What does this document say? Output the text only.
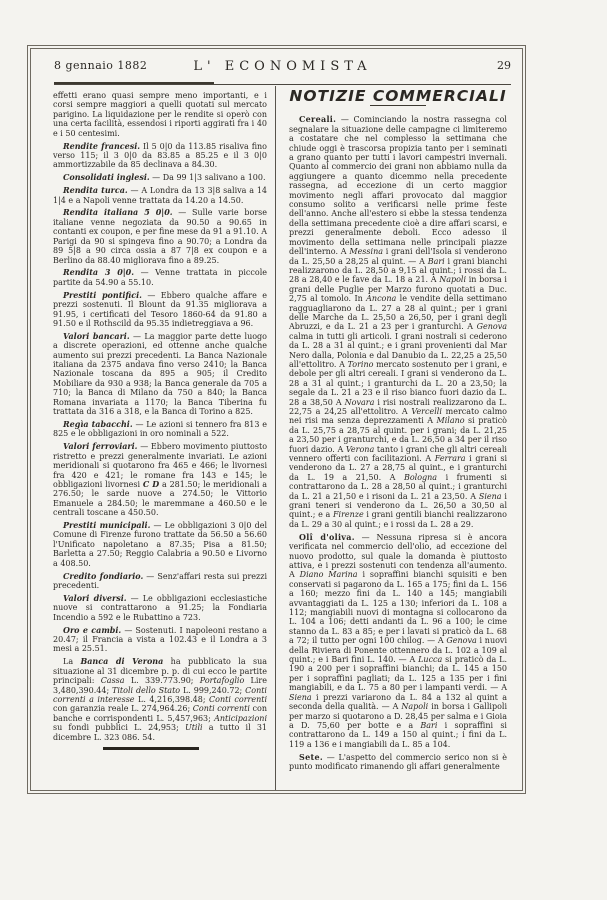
8 gennaio 1882	L' ECONOMISTA	29

effetti erano quasi sempre meno importanti, e i corsi sempre maggiori a quelli quotati sul mercato parigino. La liquidazione per le rendite si operò con una certa facilità, essendosi i riporti aggirati fra i 40 e i 50 centesimi.

Rendite francesi. Il 5 0|0 da 113.85 risaliva fino verso 115; il 3 0|0 da 83.85 a 85.25 e il 3 0|0 ammortizzabile da 85 declinava a 84.30.

Consolidati inglesi. — Da 99 1|3 salivano a 100.

Rendita turca. — A Londra da 13 3|8 saliva a 14 1|4 e a Napoli venne trattata da 14.20 a 14.50.

Rendita italiana 5 0|0. — Sulle varie borse italiane venne negoziata da 90.50 a 90.65 in contanti ex coupon, e per fine mese da 91 a 91.10. A Parigi da 90 si spingeva fino a 90.70; a Londra da 89 5|8 a 90 circa ossia a 87 7|8 ex coupon e a Berlino da 88.40 migliorava fino a 89.25.

Rendita 3 0|0. — Venne trattata in piccole partite da 54.90 a 55.10.

Prestiti pontifici. — Ebbero qualche affare e prezzi sostenuti. Il Blount da 91.35 migliorava a 91.95, i certificati del Tesoro 1860-64 da 91.80 a 91.50 e il Rothscild da 95.35 indietreggiava a 96.

Valori bancari. — La maggior parte dette luogo a discrete operazioni, ed ottenne anche qualche aumento sui prezzi precedenti. La Banca Nazionale italiana da 2375 andava fino verso 2410; la Banca Nazionale toscana da 895 a 905; il Credito Mobiliare da 930 a 938; la Banca generale da 705 a 710; la Banca di Milano da 750 a 840; la Banca Romana invariata a 1170; la Banca Tiberina fu trattata da 316 a 318, e la Banca di Torino a 825.

Regìa tabacchi. — Le azioni si tennero fra 813 e 825 e le obbligazioni in oro nominali a 522.

Valori ferroviari. — Ebbero movimento piuttosto ristretto e prezzi generalmente invariati. Le azioni meridionali si quotarono fra 465 e 466; le livornesi fra 420 e 421; le romane fra 143 e 145; le obbligazioni livornesi C D a 281.50; le meridionali a 276.50; le sarde nuove a 274.50; le Vittorio Emanuele a 284.50; le maremmane a 460.50 e le centrali toscane a 450.50.

Prestiti municipali. — Le obbligazioni 3 0|0 del Comune di Firenze furono trattate da 56.50 a 56.60 l'Unificato napoletano a 87.35; Pisa a 81.50; Barletta a 27.50; Reggio Calabria a 90.50 e Livorno a 408.50.

Credito fondiario. — Senz'affari resta sui prezzi precedenti.

Valori diversi. — Le obbligazioni ecclesiastiche nuove si contrattarono a 91.25; la Fondiaria Incendio a 592 e le Rubattino a 723.

Oro e cambi. — Sostenuti. I napoleoni restano a 20.47; il Francia a vista a 102.43 e il Londra a 3 mesi a 25.51.

La Banca di Verona ha pubblicato la sua situazione al 31 dicembre p. p. di cui ecco le partite principali: Cassa L. 339.773.90; Portafoglio Lire 3,480,390.44; Titoli dello Stato L. 999,240.72; Conti correnti a interesse L. 4,216,398.48; Conti correnti con garanzia reale L. 274,964.26; Conti correnti con banche e corrispondenti L. 5,457,963; Anticipazioni su fondi pubblici L. 24,953; Utili a tutto il 31 dicembre L. 323 086. 54.

NOTIZIE COMMERCIALI

Cereali. — Cominciando la nostra rassegna col segnalare la situazione delle campagne ci limiteremo a costatare che nel complesso la settimana che chiude oggi è trascorsa propizia tanto per i seminati a grano quanto per tutti i lavori campestri invernali. Quanto al commercio dei grani non abbiamo nulla da aggiungere a quanto dicemmo nella precedente rassegna, ad eccezione di un certo maggior movimento negli affari provocato dal maggior consumo solito a verificarsi nelle prime feste dell'anno. Anche all'estero si ebbe la stessa tendenza della settimana precedente cioè a dire affari scarsi, e prezzi generalmente deboli. Ecco adesso il movimento della settimana nelle principali piazze dell'interno. A Messina i grani dell'Isola si venderono da L. 25,50 a 28,25 al quint. — A Bari i grani bianchi realizzarono da L. 28,50 a 9,15 al quint.; i rossi da L. 28 a 28,40 e le fave da L. 18 a 21. A Napoli in borsa i grani delle Puglie per Marzo furono quotati a Duc. 2,75 al tomolo. In Ancona le vendite della settimano ragguagliarono da L. 27 a 28 al quint.; per i grani delle Marche da L. 25,50 a 26,50, per i grani degli Abruzzi, e da L. 21 a 23 per i granturchi. A Genova calma in tutti gli articoli. I grani nostrali si cederono da L. 28 a 31 al quint.; e i grani provenienti dal Mar Nero dalla, Polonia e dal Danubio da L. 22,25 a 25,50 all'ettolitro. A Torino mercato sostenuto per i grani, e debole per gli altri cereali. I grani si venderono da L. 28 a 31 al quint.; i granturchi da L. 20 a 23,50; la segale da L. 21 a 23 e il riso bianco fuori dazio da L. 28 a 38,50 A Novara i risi nostrali realizzarono da L. 22,75 a 24,25 all'ettolitro. A Vercelli mercato calmo nei risi ma senza deprezzamenti A Milano si praticò da L. 25,75 a 28,75 al quint. per i grani; da L. 21,25 a 23,50 per i granturchi, e da L. 26,50 a 34 per il riso fuori dazio. A Verona tanto i grani che gli altri cereali vennero offerti con facilitazioni. A Ferrara i grani si venderono da L. 27 a 28,75 al quint., e i granturchi da L. 19 a 21,50. A Bologna i frumenti si contrattarono da L. 28 a 28,50 al quint.; i granturchi da L. 21 a 21,50 e i risoni da L. 21 a 23,50. A Siena i grani teneri si venderono da L. 26,50 a 30,50 al quint.; e a Firenze i grani gentili bianchi realizzarono da L. 29 a 30 al quint.; e i rossi da L. 28 a 29.

Olî d'oliva. — Nessuna ripresa si è ancora verificata nel commercio dell'olio, ad eccezione del nuovo prodotto, sul quale la domanda è piuttosto attiva, e i prezzi sostenuti con tendenza all'aumento. A Diano Marina i sopraffini bianchi squisiti e ben conservati si pagarono da L. 165 a 175; fini da L. 156 a 160; mezzo fini da L. 140 a 145; mangiabili avvantaggiati da L. 125 a 130; inferiori da L. 108 a 112; mangiabili nuovi di montagna si collocarono da L. 104 a 106; detti andanti da L. 96 a 100; le cime stanno da L. 83 a 85; e per i lavati si praticò da L. 68 a 72; il tutto per ogni 100 chilog. — A Genova i nuovi della Riviera di Ponente ottennero da L. 102 a 109 al quint.; e i Bari fini L. 140. — A Lucca si praticò da L. 190 a 200 per i sopraffini bianchi; da L. 145 a 150 per i sopraffini pagliati; da L. 125 a 135 per i fini mangiabili, e da L. 75 a 80 per i lampanti verdi. — A Siena i prezzi variarono da L. 84 a 132 al quint a seconda della qualità. — A Napoli in borsa i Gallipoli per marzo si quotarono a D. 28,45 per salma e i Gioia a D. 75,60 per botte e a Bari i sopraffini si contrattarono da L. 149 a 150 al quint.; i fini da L. 119 a 136 e i mangiabili da L. 85 a 104.

Sete. — L'aspetto del commercio serico non si è punto modificato rimanendo gli affari generalmente
